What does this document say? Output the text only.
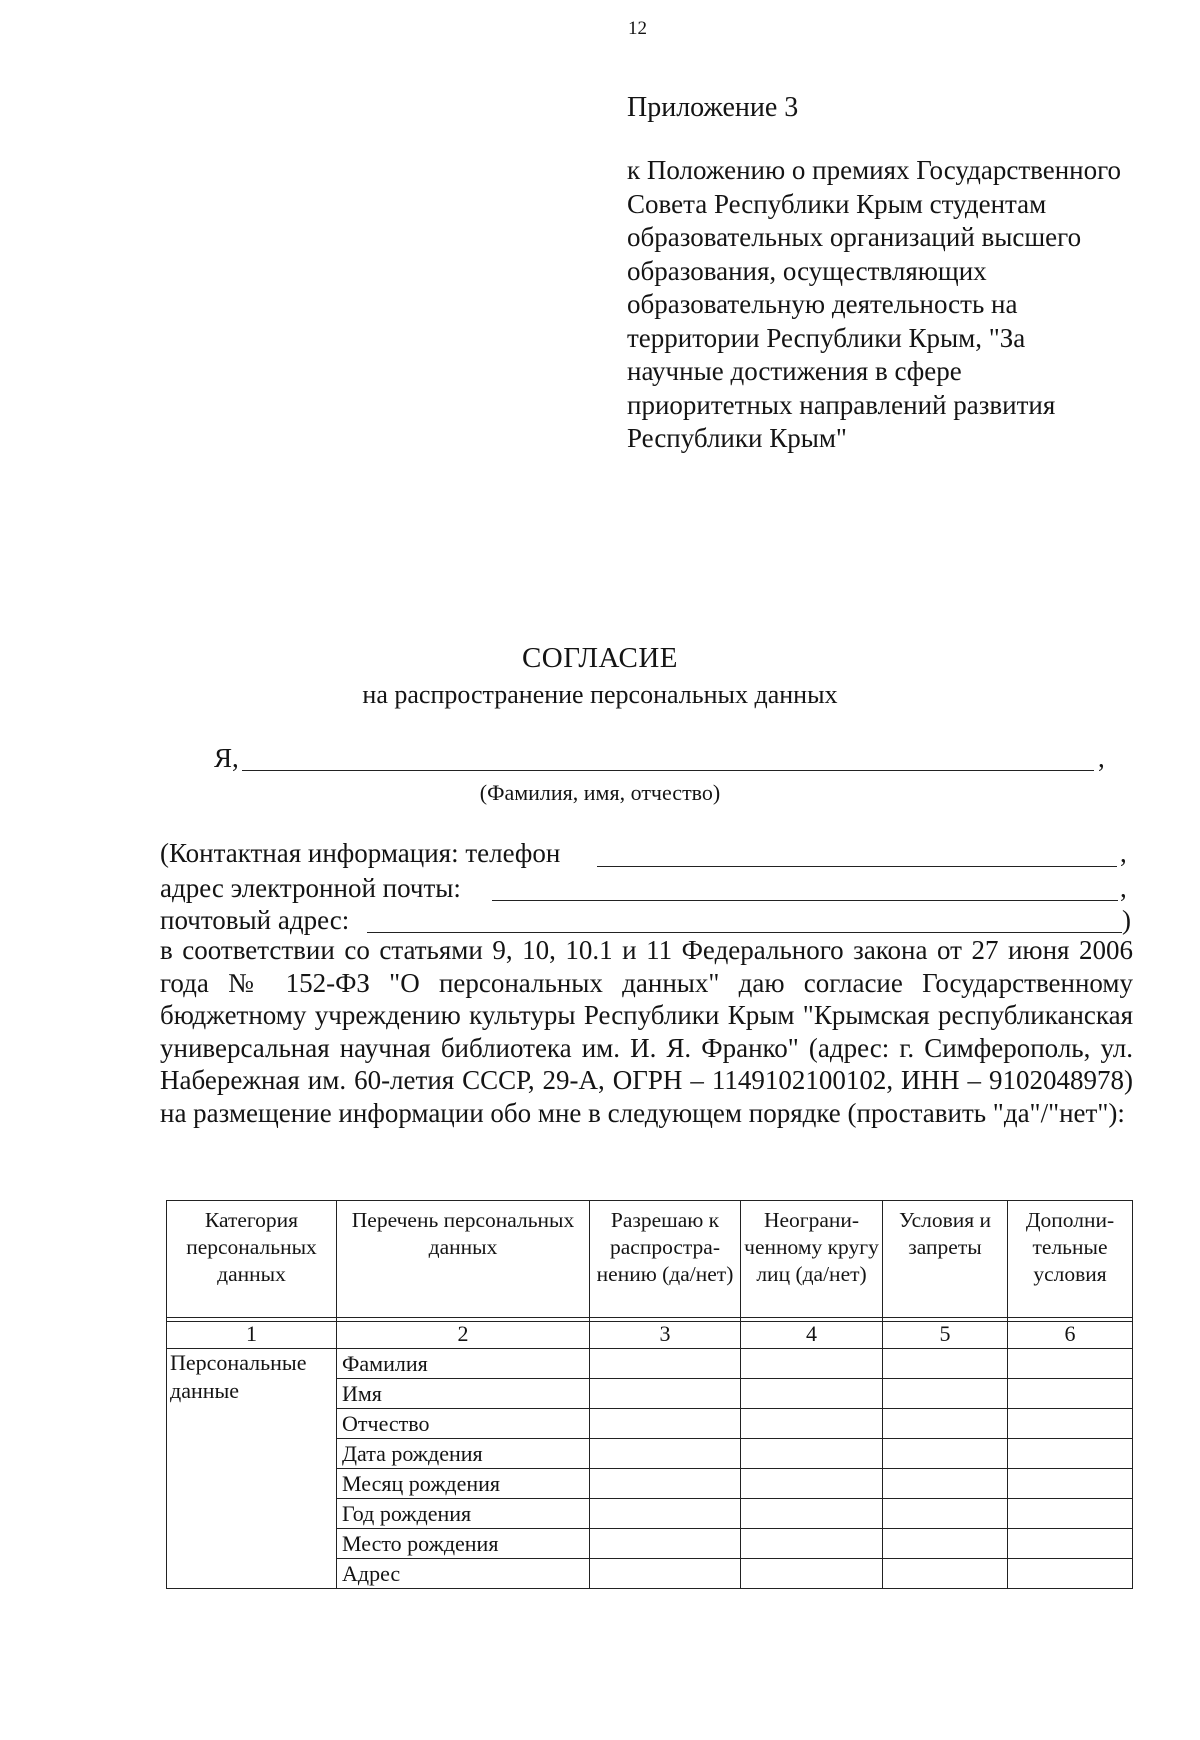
12
Приложение 3
к Положению о премиях Государственного Совета Республики Крым студентам образовательных организаций высшего образования, осуществляющих образовательную деятельность на территории Республики Крым, "За научные достижения в сфере приоритетных направлений развития Республики Крым"
СОГЛАСИЕ
на распространение персональных данных
Я,	,
(Фамилия, имя, отчество)
(Контактная информация: телефон	,
адрес электронной почты:	,
почтовый адрес:	)
в соответствии со статьями 9, 10, 10.1 и 11 Федерального закона от 27 июня 2006 года № 152-ФЗ "О персональных данных" даю согласие Государственному бюджетному учреждению культуры Республики Крым "Крымская республиканская универсальная научная библиотека им. И. Я. Франко" (адрес: г. Симферополь, ул. Набережная им. 60-летия СССР, 29-А, ОГРН – 1149102100102, ИНН – 9102048978) на размещение информации обо мне в следующем порядке (проставить "да"/"нет"):
Категория персональных данных	Перечень персональных данных	Разрешаю к распростра-нению (да/нет)	Неограни-ченному кругу лиц (да/нет)	Условия и запреты	Дополни-тельные условия
1	2	3	4	5	6
Персональные данные	Фамилия				
	Имя				
	Отчество				
	Дата рождения				
	Месяц рождения				
	Год рождения				
	Место рождения				
	Адрес				
